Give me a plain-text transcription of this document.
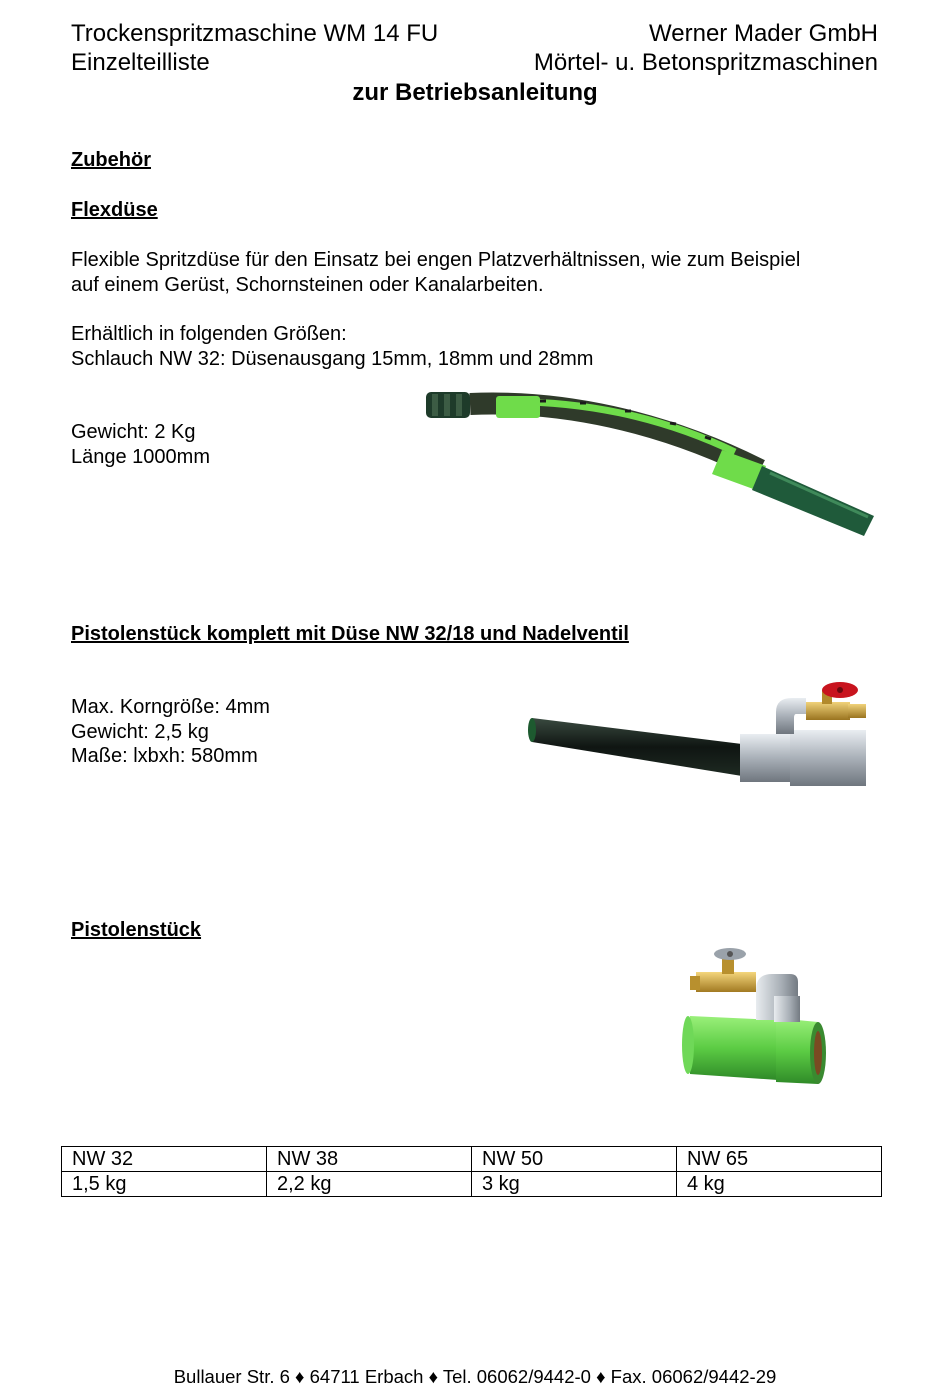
Trockenspritzmaschine WM 14 FU
Einzelteilliste
Werner Mader GmbH
Mörtel- u. Betonspritzmaschinen
zur Betriebsanleitung
Zubehör
Flexdüse
Flexible Spritzdüse für den Einsatz bei engen Platzverhältnissen, wie zum Beispiel
auf einem Gerüst, Schornsteinen oder Kanalarbeiten.
Erhältlich in folgenden Größen:
Schlauch NW 32: Düsenausgang 15mm, 18mm und 28mm
Gewicht: 2 Kg
Länge 1000mm
Pistolenstück komplett mit Düse NW 32/18 und Nadelventil
Max. Korngröße: 4mm
Gewicht: 2,5 kg
Maße: lxbxh: 580mm
Pistolenstück
NW 32	NW 38	NW 50	NW 65
1,5 kg	2,2 kg	3 kg	4 kg
Bullauer Str. 6 ♦ 64711 Erbach ♦ Tel. 06062/9442-0 ♦ Fax. 06062/9442-29
